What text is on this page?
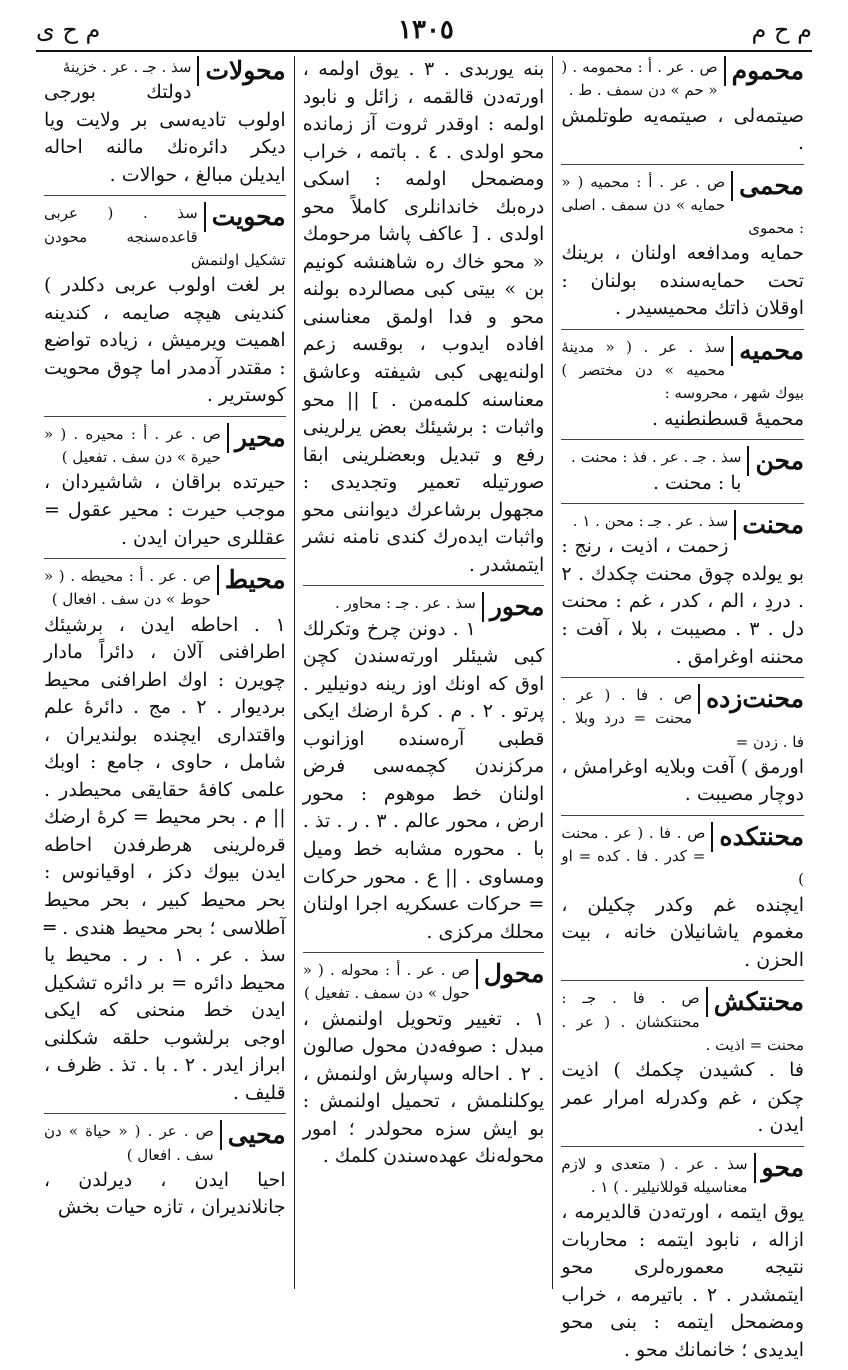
م ح ى	١٣٠٥	م ح م
محموم
ص . عر . أ : محمومه . ( « حم » دن سمف . ط .
صیتمه‌لی ، صیتمه‌یه طوتلمش .
محمی
ص . عر . أ : محمیه ( « حمایه » دن سمف . اصلی : محموی
حمایه ومدافعه اولنان ، برینك تحت حمایه‌سنده بولنان : اوقلان ذاتك محمیسیدر .
محمیه
سذ . عر . ( « مدینهٔ محمیه » دن مختصر ) بیوك شهر ، محروسه :
محمیهٔ قسطنطنیه .
محن
سذ . جـ . عر . فذ : محنت .
با : محنت .
محنت
سذ . عر . جـ : محن . ١ .
زحمت ، اذیت ، رنج : بو یولده چوق محنت چکدك . ٢ . دردِ ، الم ، کدر ، غم : محنت دل . ٣ . مصیبت ، بلا ، آفت : محننه اوغرامق .
محنت‌زده
ص . فا . ( عر . محنت = درد وبلا . فا . زدن =
اورمق ) آفت وبلایه اوغرامش ، دوچار مصیبت .
محنتکده
ص . فا . ( عر . محنت = کدر . فا . کده = او )
ایچنده غم وکدر چکیلن ، مغموم یاشانیلان خانه ، بیت الحزن .
محنتکش
ص . فا . جـ : محنتکشان . ( عر . محنت = اذیت .
فا . کشیدن چکمك ) اذیت چکن ، غم وکدرله امرار عمر ایدن .
محو
سذ . عر . ( متعدی و لازم معناسیله قوللانیلیر . ) ١ .
یوق ایتمه ، اورته‌دن قالدیرمه ، ازاله ، نابود ایتمه : محاربات نتیجه معموره‌لری محو ایتمشدر . ٢ . باتیرمه ، خراب ومضمحل ایتمه : بنی محو ایدیدی ؛ خانمانك محو .
بنه یوربدی . ٣ . یوق اولمه ، اورته‌دن قالقمه ، زائل و نابود اولمه : اوقدر ثروت آز زمانده محو اولدی . ٤ . باتمه ، خراب ومضمحل اولمه : اسکی دره‌بك خاندانلری کاملاً محو اولدی . [ عاکف پاشا مرحومك « محو خاك ره شاهنشه کونیم بن » بیتی کبی مصالرده بولنه محو و فدا اولمق معناسنی افاده ایدوب ، بوقسه زعم اولنه‌یهی کبی شیفته وعاشق معناسنه کلمه‌من . ] || محو واثبات : برشیئك بعض یرلرینی رفع و تبدیل وبعضلرینی ابقا صورتیله تعمیر وتجدیدی : مجهول برشاعرك دیواننی محو واثبات ایده‌رك کندی نامنه نشر ایتمشدر .
محور
سذ . عر . جـ : محاور .
١ . دونن چرخ وتکرلك کبی شیئلر اورته‌سندن کچن اوق که اونك اوز رینه دونیلیر . پرتو . ٢ . م . کرهٔ ارضك ایکی قطبی آره‌سنده اوزانوب مرکزندن کچمه‌سی فرض اولنان خط موهوم : محور ارض ، محور عالم . ٣ . ر . تذ . با . محوره مشابه خط ومیل ومساوی . || ع . محور حرکات = حرکات عسکریه اجرا اولنان محلك مرکزی .
محول
ص . عر . أ : محوله . ( « حول » دن سمف . تفعیل )
١ . تغییر وتحویل اولنمش ، مبدل : صوفه‌دن محول صالون . ٢ . احاله وسپارش اولنمش ، یوکلنلمش ، تحمیل اولنمش : بو ایش سزه محولدر ؛ امور محوله‌نك عهده‌سندن کلمك .
محولات
سذ . جـ . عر . خزینهٔ
دولتك بورجی اولوب تادیه‌سی بر ولایت ویا دیکر دائره‌نك مالنه احاله ایدیلن مبالغ ، حوالات .
محویت
سذ . ( عربی قاعده‌سنجه محودن تشکیل اولنمش
بر لغت اولوب عربی دکلدر ) کندینی هیچه صایمه ، کندینه اهمیت ویرمیش ، زیاده تواضع : مقتدر آدمدر اما چوق محویت کوستریر .
محیر
ص . عر . أ : محیره . ( « حیرة » دن سف . تفعیل )
حیرتده براقان ، شاشیردان ، موجب حیرت : محیر عقول = عقللری حیران ایدن .
محیط
ص . عر . أ : محیطه . ( « حوط » دن سف . افعال )
١ . احاطه ایدن ، برشیئك اطرافنی آلان ، دائراً مادار چویرن : اوك اطرافنی محیط بردیوار . ٢ . مج . دائرهٔ علم واقتداری ایچنده بولندیران ، شامل ، حاوی ، جامع : اوبك علمی کافهٔ حقایقی محیطدر . || م . بحر محیط = کرهٔ ارضك قره‌لرینی هرطرفدن احاطه ایدن بیوك دکز ، اوقیانوس : بحر محیط کبیر ، بحر محیط آطلاسی ؛ بحر محیط هندی . ═ سذ . عر . ١ . ر . محیط یا محیط دائره = بر دائره تشکیل ایدن خط منحنی که ایکی اوجی برلشوب حلقه شکلنی ابراز ایدر . ٢ . با . تذ . ظرف ، قلیف .
محیی
ص . عر . ( « حیاة » دن سف . افعال )
احیا ایدن ، دیرلدن ، جانلاندیران ، تازه حیات بخش
